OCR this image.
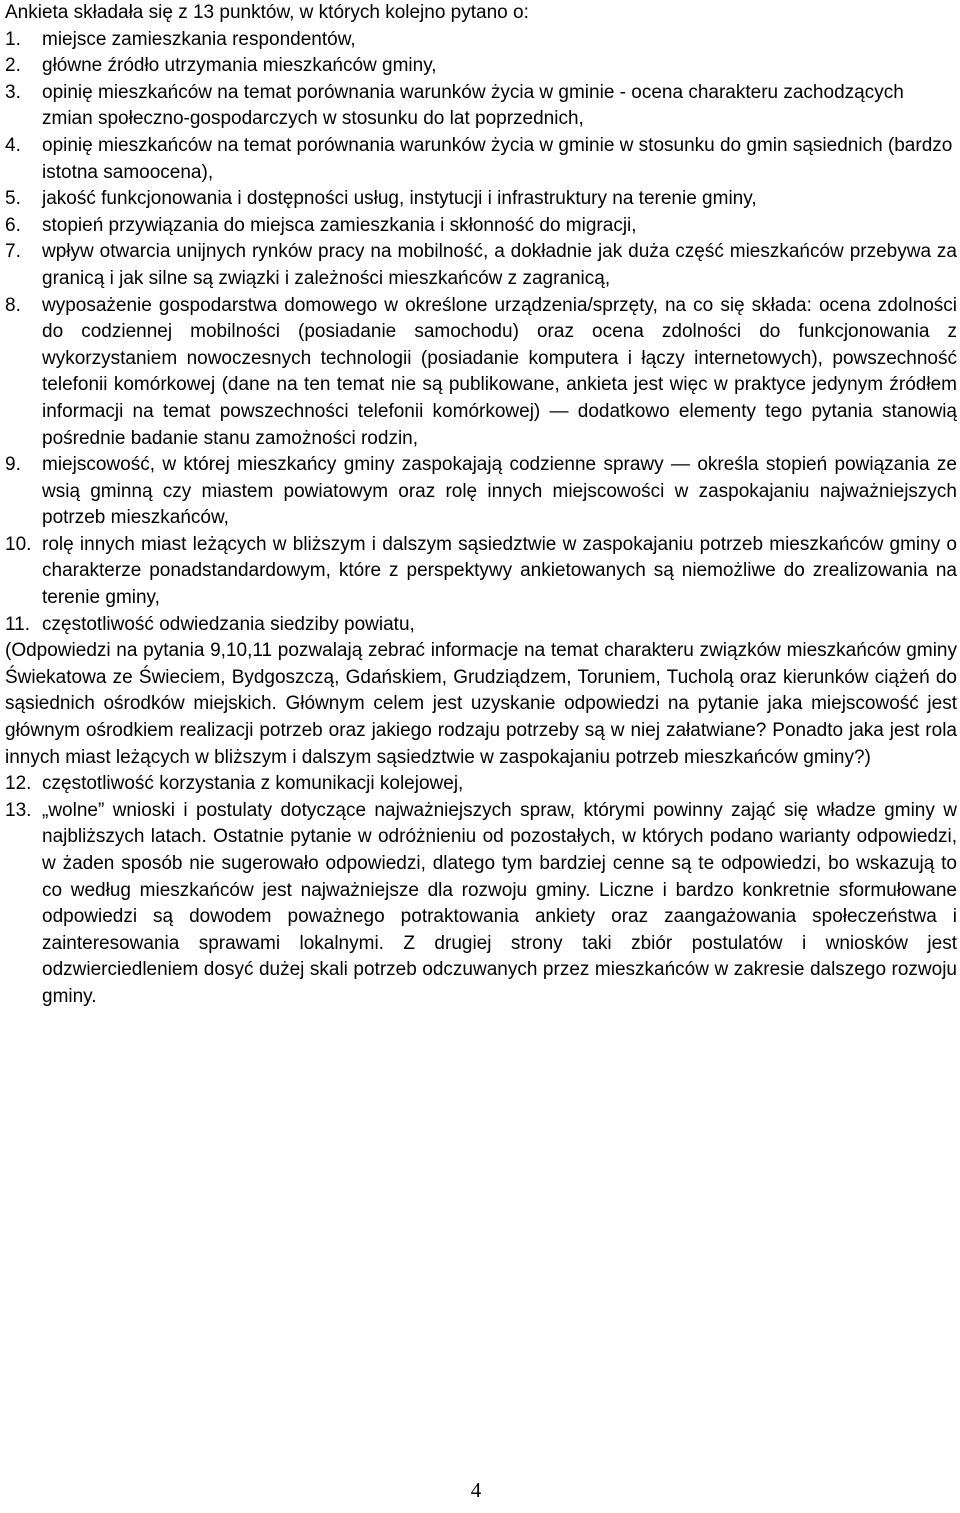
Ankieta składała się z 13 punktów, w których kolejno pytano o:

1. miejsce zamieszkania respondentów,
2. główne źródło utrzymania mieszkańców gminy,
3. opinię mieszkańców na temat porównania warunków życia w gminie - ocena charakteru zachodzących zmian społeczno-gospodarczych w stosunku do lat poprzednich,
4. opinię mieszkańców na temat porównania warunków życia w gminie w stosunku do gmin sąsiednich (bardzo istotna samoocena),
5. jakość funkcjonowania i dostępności usług, instytucji i infrastruktury na terenie gminy,
6. stopień przywiązania do miejsca zamieszkania i skłonność do migracji,
7. wpływ otwarcia unijnych rynków pracy na mobilność, a dokładnie jak duża część mieszkańców przebywa za granicą i jak silne są związki i zależności mieszkańców z zagranicą,
8. wyposażenie gospodarstwa domowego w określone urządzenia/sprzęty, na co się składa: ocena zdolności do codziennej mobilności (posiadanie samochodu) oraz ocena zdolności do funkcjonowania z wykorzystaniem nowoczesnych technologii (posiadanie komputera i łączy internetowych), powszechność telefonii komórkowej (dane na ten temat nie są publikowane, ankieta jest więc w praktyce jedynym źródłem informacji na temat powszechności telefonii komórkowej) — dodatkowo elementy tego pytania stanowią pośrednie badanie stanu zamożności rodzin,
9. miejscowość, w której mieszkańcy gminy zaspokajają codzienne sprawy — określa stopień powiązania ze wsią gminną czy miastem powiatowym oraz rolę innych miejscowości w zaspokajaniu najważniejszych potrzeb mieszkańców,
10. rolę innych miast leżących w bliższym i dalszym sąsiedztwie w zaspokajaniu potrzeb mieszkańców gminy o charakterze ponadstandardowym, które z perspektywy ankietowanych są niemożliwe do zrealizowania na terenie gminy,
11. częstotliwość odwiedzania siedziby powiatu,

(Odpowiedzi na pytania 9,10,11 pozwalają zebrać informacje na temat charakteru związków mieszkańców gminy Świekatowa ze Świeciem, Bydgoszczą, Gdańskiem, Grudziądzem, Toruniem, Tucholą oraz kierunków ciążeń do sąsiednich ośrodków miejskich. Głównym celem jest uzyskanie odpowiedzi na pytanie jaka miejscowość jest głównym ośrodkiem realizacji potrzeb oraz jakiego rodzaju potrzeby są w niej załatwiane? Ponadto jaka jest rola innych miast leżących w bliższym i dalszym sąsiedztwie w zaspokajaniu potrzeb mieszkańców gminy?)

12. częstotliwość korzystania z komunikacji kolejowej,
13. „wolne” wnioski i postulaty dotyczące najważniejszych spraw, którymi powinny zająć się władze gminy w najbliższych latach. Ostatnie pytanie w odróżnieniu od pozostałych, w których podano warianty odpowiedzi, w żaden sposób nie sugerowało odpowiedzi, dlatego tym bardziej cenne są te odpowiedzi, bo wskazują to co według mieszkańców jest najważniejsze dla rozwoju gminy. Liczne i bardzo konkretnie sformułowane odpowiedzi są dowodem poważnego potraktowania ankiety oraz zaangażowania społeczeństwa i zainteresowania sprawami lokalnymi. Z drugiej strony taki zbiór postulatów i wniosków jest odzwierciedleniem dosyć dużej skali potrzeb odczuwanych przez mieszkańców w zakresie dalszego rozwoju gminy.
4
